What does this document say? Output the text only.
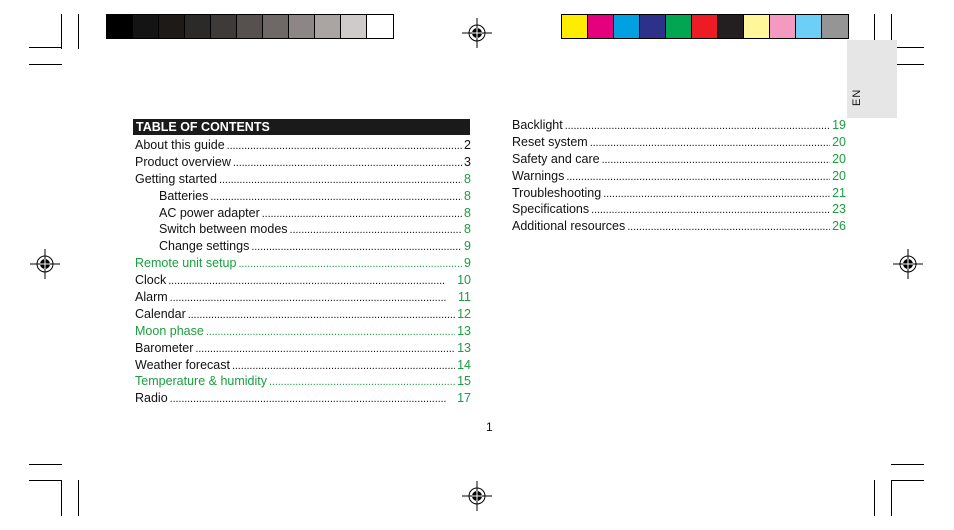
EN
TABLE OF CONTENTS
About this guide . . .	2
Product overview . . .	3
Getting started . . .	8
Batteries . . .	8
AC power adapter . . .	8
Switch between modes . . .	8
Change settings . . .	9
Remote unit setup . . .	9
Clock . . .	10
Alarm . . .	11
Calendar . . .	12
Moon phase . . .	13
Barometer . . .	13
Weather forecast . . .	14
Temperature & humidity . . .	15
Radio . . .	17
Backlight . . .	19
Reset system . . .	20
Safety and care . . .	20
Warnings . . .	20
Troubleshooting . . .	21
Specifications . . .	23
Additional resources . . .	26
1
